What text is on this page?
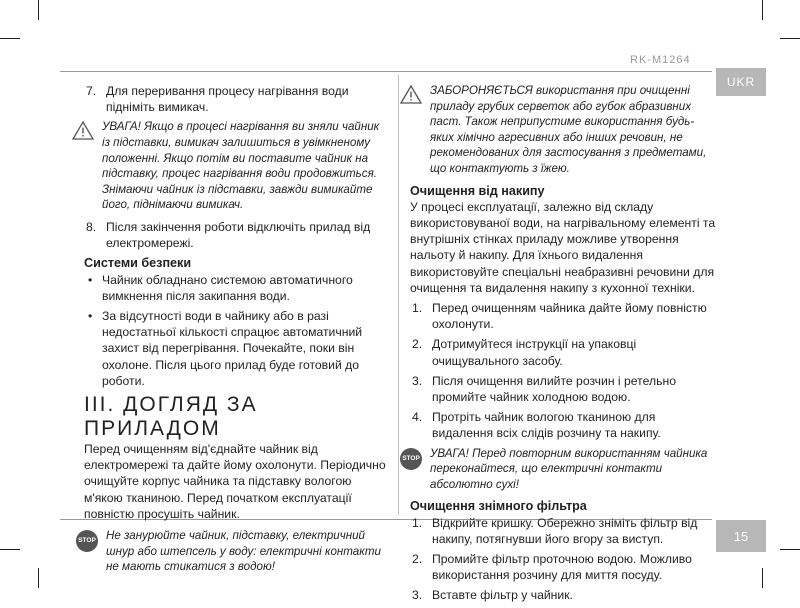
RK-M1264
UKR
15
7. Для переривання процесу нагрівання води підніміть вимикач.
УВАГА! Якщо в процесі нагрівання ви зняли чайник із підставки, вимикач залишиться в увімкненому положенні. Якщо потім ви поставите чайник на підставку, процес нагрівання води продовжиться. Знімаючи чайник із підставки, завжди вимикайте його, піднімаючи вимикач.
8. Після закінчення роботи відключіть прилад від електромережі.

Системи безпеки

• Чайник обладнано системою автоматичного вимкнення після закипання води.
• За відсутності води в чайнику або в разі недостатньої кількості спрацює автоматичний захист від перегрівання. Почекайте, поки він охолоне. Після цього прилад буде готовий до роботи.

III. ДОГЛЯД ЗА ПРИЛАДОМ

Перед очищенням від'єднайте чайник від електромережі та дайте йому охолонути. Періодично очищуйте корпус чайника та підставку вологою м'якою тканиною. Перед початком експлуатації повністю просушіть чайник.

STOP Не занурюйте чайник, підставку, електричний шнур або штепсель у воду: електричні контакти не мають стикатися з водою!
ЗАБОРОНЯЄТЬСЯ використання при очищенні приладу грубих серветок або губок абразивних паст. Також неприпустиме використання будь-яких хімічно агресивних або інших речовин, не рекомендованих для застосування з предметами, що контактують з їжею.

Очищення від накипу

У процесі експлуатації, залежно від складу використовуваної води, на нагрівальному елементі та внутрішніх стінках приладу можливе утворення нальоту й накипу. Для їхнього видалення використовуйте спеціальні неабразивні речовини для очищення та видалення накипу з кухонної техніки.

1. Перед очищенням чайника дайте йому повністю охолонути.
2. Дотримуйтеся інструкції на упаковці очищувального засобу.
3. Після очищення вилийте розчин і ретельно промийте чайник холодною водою.
4. Протріть чайник вологою тканиною для видалення всіх слідів розчину та накипу.
STOP УВАГА! Перед повторним використанням чайника переконайтеся, що електричні контакти абсолютно сухі!

Очищення знімного фільтра

1. Відкрийте кришку. Обережно зніміть фільтр від накипу, потягнувши його вгору за виступ.
2. Промийте фільтр проточною водою. Можливо використання розчину для миття посуду.
3. Вставте фільтр у чайник.
